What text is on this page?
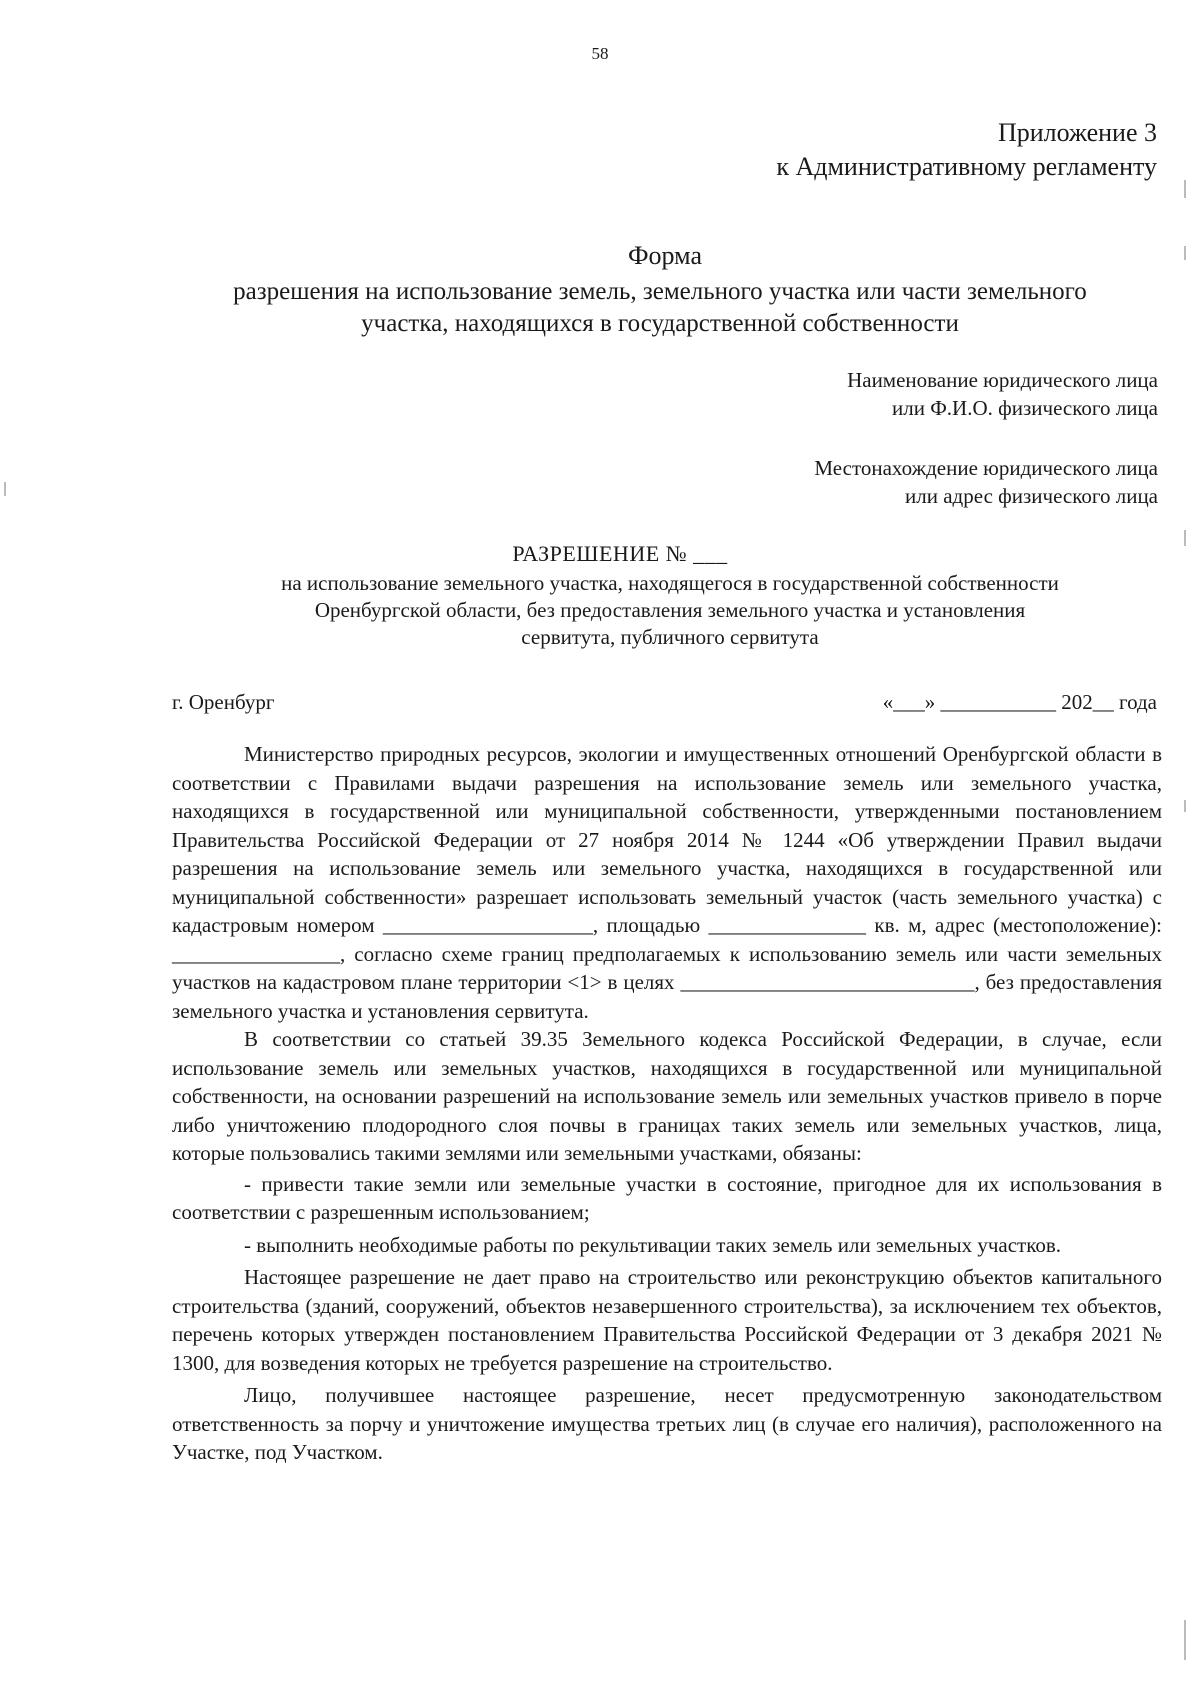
58
Приложение 3
к Административному регламенту
Форма
разрешения на использование земель, земельного участка или части земельного
участка, находящихся в государственной собственности
Наименование юридического лица
или Ф.И.О. физического лица
Местонахождение юридического лица
или адрес физического лица
РАЗРЕШЕНИЕ № ___
на использование земельного участка, находящегося в государственной собственности
Оренбургской области, без предоставления земельного участка и установления
сервитута, публичного сервитута
г. Оренбург	«___» ___________ 202__ года

Министерство природных ресурсов, экологии и имущественных отношений Оренбургской области в соответствии с Правилами выдачи разрешения на использование земель или земельного участка, находящихся в государственной или муниципальной собственности, утвержденными постановлением Правительства Российской Федерации от 27 ноября 2014 № 1244 «Об утверждении Правил выдачи разрешения на использование земель или земельного участка, находящихся в государственной или муниципальной собственности» разрешает использовать земельный участок (часть земельного участка) с кадастровым номером ____________________, площадью _______________ кв. м, адрес (местоположение): ________________, согласно схеме границ предполагаемых к использованию земель или части земельных участков на кадастровом плане территории <1> в целях ____________________________, без предоставления земельного участка и установления сервитута.

В соответствии со статьей 39.35 Земельного кодекса Российской Федерации, в случае, если использование земель или земельных участков, находящихся в государственной или муниципальной собственности, на основании разрешений на использование земель или земельных участков привело в порче либо уничтожению плодородного слоя почвы в границах таких земель или земельных участков, лица, которые пользовались такими землями или земельными участками, обязаны:

- привести такие земли или земельные участки в состояние, пригодное для их использования в соответствии с разрешенным использованием;

- выполнить необходимые работы по рекультивации таких земель или земельных участков.

Настоящее разрешение не дает право на строительство или реконструкцию объектов капитального строительства (зданий, сооружений, объектов незавершенного строительства), за исключением тех объектов, перечень которых утвержден постановлением Правительства Российской Федерации от 3 декабря 2021 № 1300, для возведения которых не требуется разрешение на строительство.

Лицо, получившее настоящее разрешение, несет предусмотренную законодательством ответственность за порчу и уничтожение имущества третьих лиц (в случае его наличия), расположенного на Участке, под Участком.
